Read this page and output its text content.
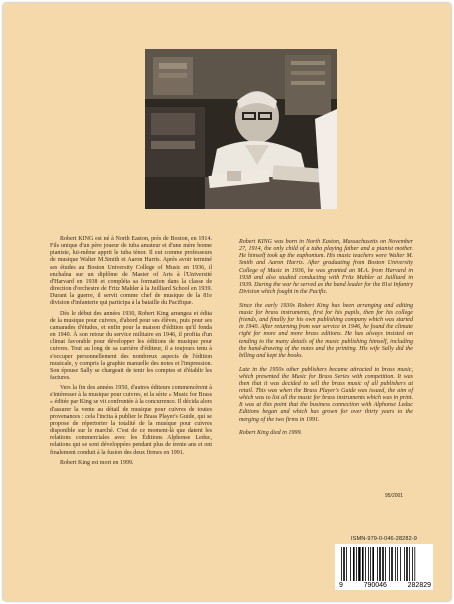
Robert KING est né à North Easton, près de Boston, en 1914. Fils unique d'un père joueur de tuba amateur et d'une mère bonne pianiste, lui-même apprit le tuba ténor. Il eut comme professeurs de musique Walter M.Smith et Aaron Harris. Après avoir terminé ses études au Boston University College of Music en 1936, il enchaîna sur un diplôme de Master of Arts à l'Université d'Harvard en 1938 et compléta sa formation dans la classe de direction d'orchestre de Fritz Mahler à la Juilliard School en 1939. Durant la guerre, il servit comme chef de musique de la 81e division d'infanterie qui participa à la bataille du Pacifique.

Dès le début des années 1930, Robert King arrangea et édita de la musique pour cuivres, d'abord pour ses élèves, puis pour ses camarades d'études, et enfin pour la maison d'édition qu'il fonda en 1940. À son retour du service militaire en 1946, il profita d'un climat favorable pour développer les éditions de musique pour cuivres. Tout au long de sa carrière d'éditeur, il a toujours tenu à s'occuper personnellement des nombreux aspects de l'édition musicale, y compris la graphie manuelle des notes et l'impression. Son épouse Sally se chargeait de tenir les comptes et d'établir les factures.

Vers la fin des années 1950, d'autres éditeurs commencèrent à s'intéresser à la musique pour cuivres, et la série « Music for Brass » éditée par King se vit confrontée à la concurrence. Il décida alors d'assurer la vente au détail de musique pour cuivres de toutes provenances : cela l'incita à publier le Brass Player's Guide, qui se propose de répertorier la totalité de la musique pour cuivres disponible sur le marché. C'est de ce moment-là que datent les relations commerciales avec les Éditions Alphonse Leduc, relations qui se sont développées pendant plus de trente ans et ont finalement conduit à la fusion des deux firmes en 1991.

Robert King est mort en 1999.

Robert KING was born in North Easton, Massachusetts on November 27, 1914, the only child of a tuba playing father and a pianist mother. He himself took up the euphonium. His music teachers were Walter M. Smith and Aaron Harris. After graduating from Boston University College of Music in 1936, he was granted an M.A. from Harvard in 1938 and also studied conducting with Fritz Mahler at Juilliard in 1939. During the war he served as the band leader for the 81st Infantry Division which fought in the Pacific.

Since the early 1930s Robert King has been arranging and editing music for brass instruments, first for his pupils, then for his college friends, and finally for his own publishing company which was started in 1940. After returning from war service in 1946, he found the climate right for more and more brass editions. He has always insisted on tending to the many details of the music publishing himself, including the hand-drawing of the notes and the printing. His wife Sally did the billing and kept the books.

Late in the 1950s other publishers became attracted to brass music, which presented the Music for Brass Series with competition. It was then that it was decided to sell the brass music of all publishers at retail. This was when the Brass Player's Guide was issued, the aim of which was to list all the music for brass instruments which was in print. It was at this point that the business connection with Alphonse Leduc Editions began and which has grown for over thirty years to the merging of the two firms in 1991.

Robert King died in 1999.

95/2001
ISMN-979-0-046-28282-9
9	790046	282829
